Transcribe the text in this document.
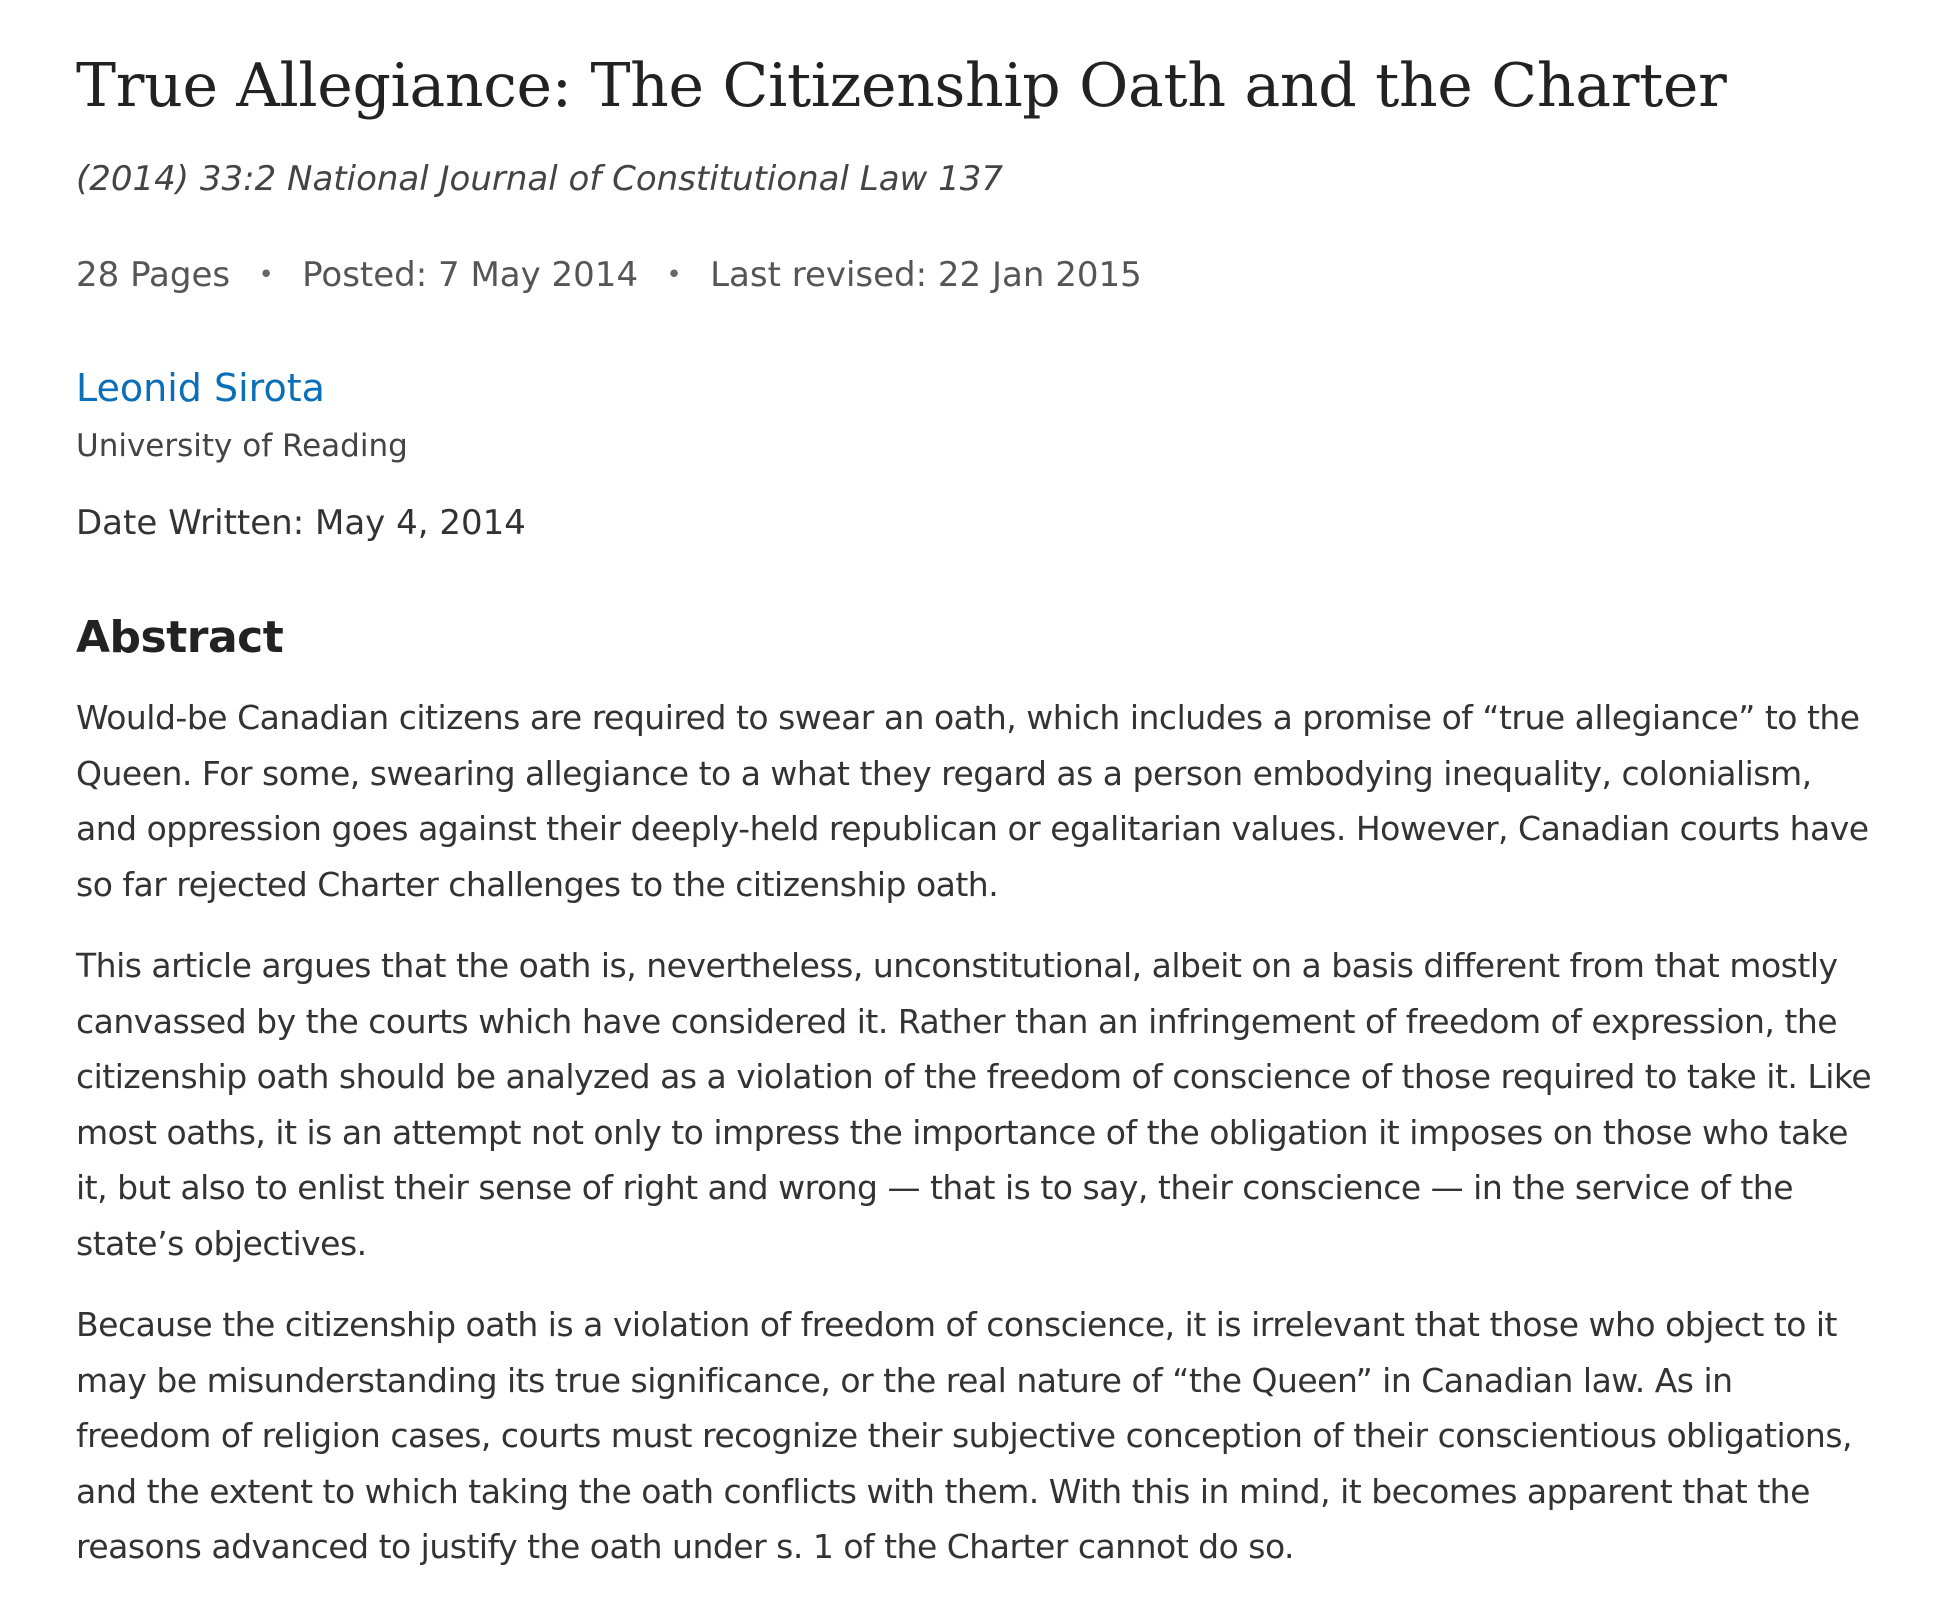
True Allegiance: The Citizenship Oath and the Charter
(2014) 33:2 National Journal of Constitutional Law 137
28 Pages	• Posted: 7 May 2014	• Last revised: 22 Jan 2015
Leonid Sirota
University of Reading
Date Written: May 4, 2014
Abstract

Would-be Canadian citizens are required to swear an oath, which includes a promise of “true allegiance” to the Queen. For some, swearing allegiance to a what they regard as a person embodying inequality, colonialism, and oppression goes against their deeply-held republican or egalitarian values. However, Canadian courts have so far rejected Charter challenges to the citizenship oath.

This article argues that the oath is, nevertheless, unconstitutional, albeit on a basis different from that mostly canvassed by the courts which have considered it. Rather than an infringement of freedom of expression, the citizenship oath should be analyzed as a violation of the freedom of conscience of those required to take it. Like most oaths, it is an attempt not only to impress the importance of the obligation it imposes on those who take it, but also to enlist their sense of right and wrong — that is to say, their conscience — in the service of the state’s objectives.

Because the citizenship oath is a violation of freedom of conscience, it is irrelevant that those who object to it may be misunderstanding its true significance, or the real nature of “the Queen” in Canadian law. As in freedom of religion cases, courts must recognize their subjective conception of their conscientious obligations, and the extent to which taking the oath conflicts with them. With this in mind, it becomes apparent that the reasons advanced to justify the oath under s. 1 of the Charter cannot do so.
